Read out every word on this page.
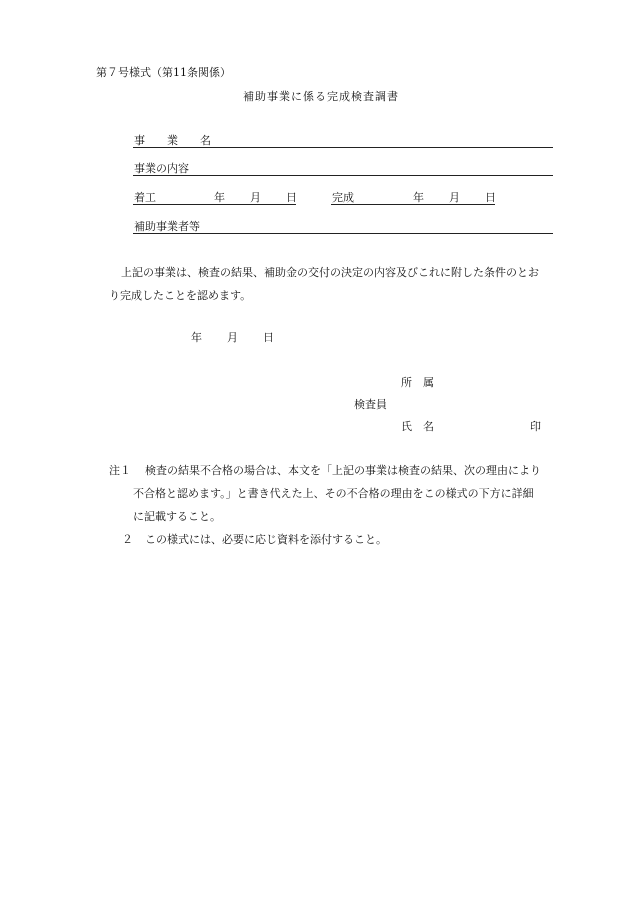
第７号様式（第11条関係）
補助事業に係る完成検査調書
事 業 名
事業の内容
着工	年 月 日	完成	年 月 日
補助事業者等
上記の事業は、検査の結果、補助金の交付の決定の内容及びこれに附した条件のとお
り完成したことを認めます。
年 月 日
所 属
検査員
氏 名	印
注１ 検査の結果不合格の場合は、本文を「上記の事業は検査の結果、次の理由により
不合格と認めます。」と書き代えた上、その不合格の理由をこの様式の下方に詳細
に記載すること。
２ この様式には、必要に応じ資料を添付すること。
